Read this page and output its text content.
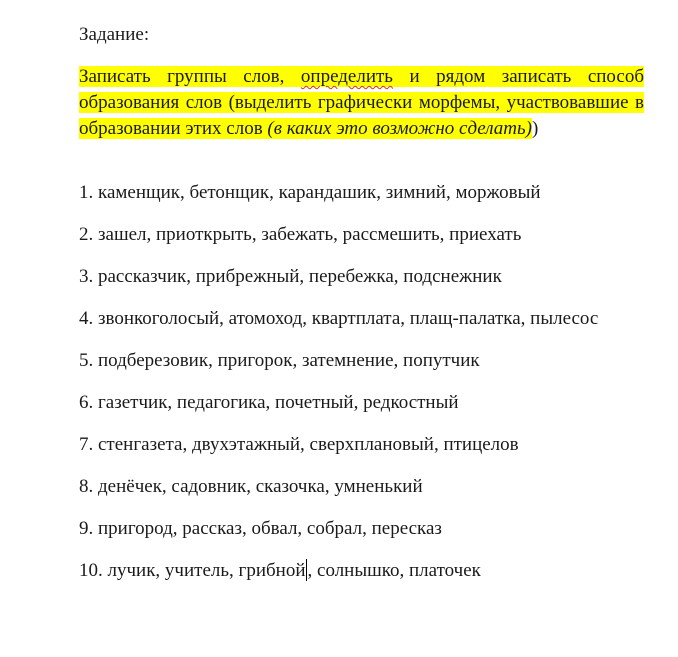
Задание:

Записать группы слов, определить и рядом записать способ образования слов (выделить графически морфемы, участвовавшие в образовании этих слов (в каких это возможно сделать))

1. каменщик, бетонщик, карандашик, зимний, моржовый
2. зашел, приоткрыть, забежать, рассмешить, приехать
3. рассказчик, прибрежный, перебежка, подснежник
4. звонкоголосый, атомоход, квартплата, плащ-палатка, пылесос
5. подберезовик, пригорок, затемнение, попутчик
6. газетчик, педагогика, почетный, редкостный
7. стенгазета, двухэтажный, сверхплановый, птицелов
8. денёчек, садовник, сказочка, умненький
9. пригород, рассказ, обвал, собрал, пересказ
10. лучик, учитель, грибной , солнышко, платочек
